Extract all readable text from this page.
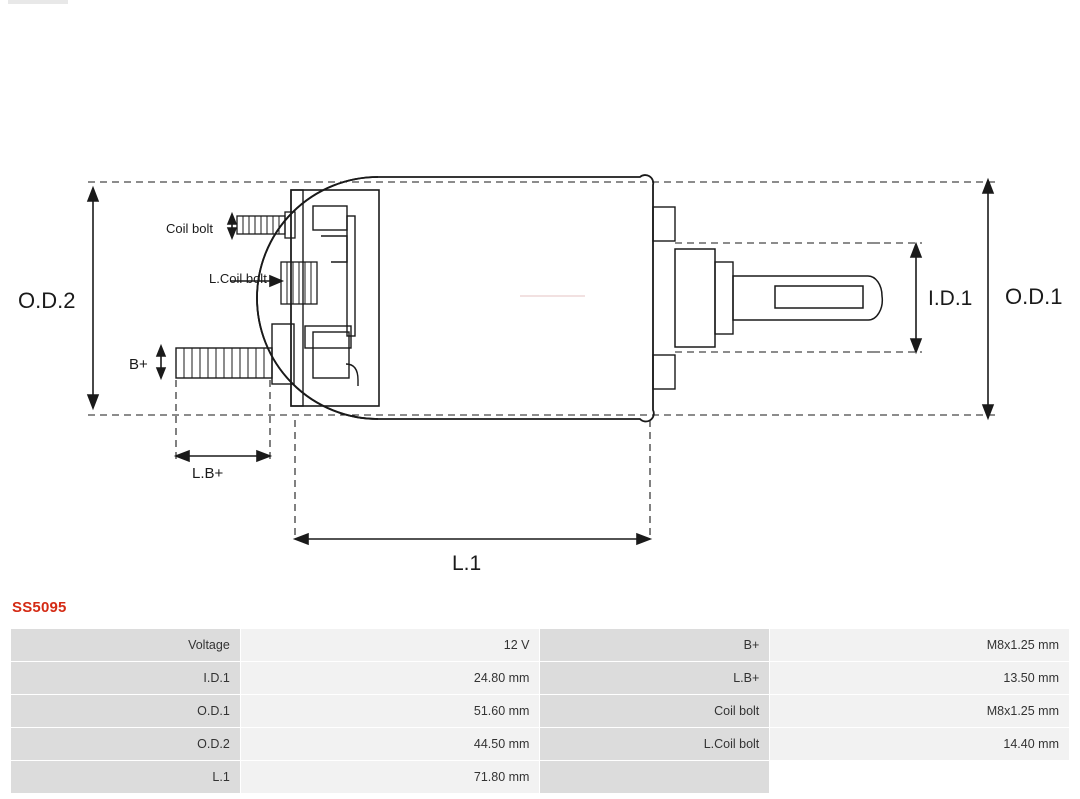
O.D.2	O.D.1
I.D.1
L.1
L.B+
B+
Coil bolt
L.Coil bolt
SS5095
Voltage	12 V	B+	M8x1.25 mm
I.D.1	24.80 mm	L.B+	13.50 mm
O.D.1	51.60 mm	Coil bolt	M8x1.25 mm
O.D.2	44.50 mm	L.Coil bolt	14.40 mm
L.1	71.80 mm		
